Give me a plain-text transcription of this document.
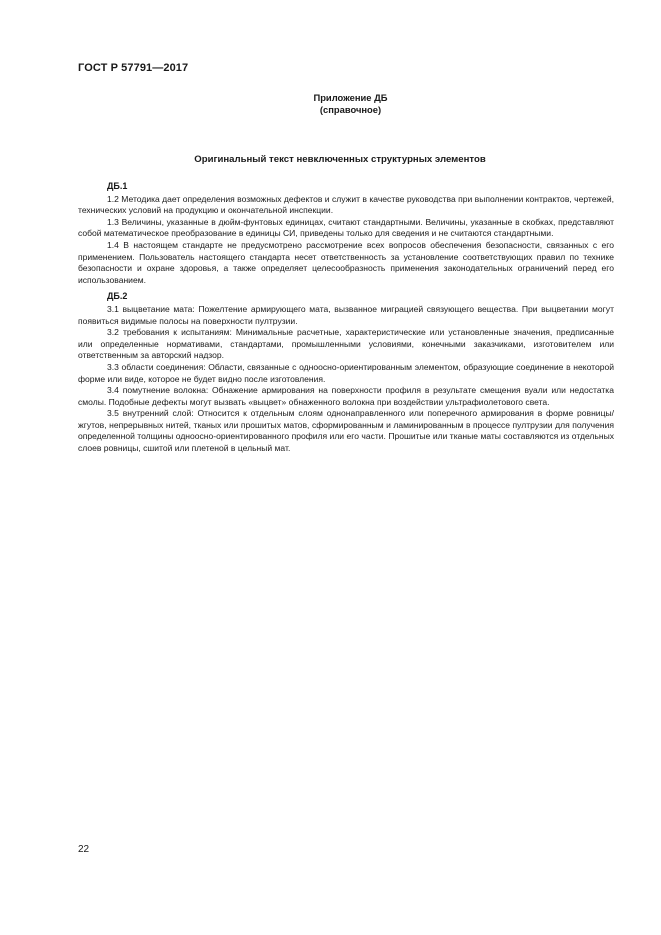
ГОСТ Р 57791—2017
Приложение ДБ
(справочное)
Оригинальный текст невключенных структурных элементов
ДБ.1

1.2 Методика дает определения возможных дефектов и служит в качестве руководства при выполнении контрактов, чертежей, технических условий на продукцию и окончательной инспекции.

1.3 Величины, указанные в дюйм-фунтовых единицах, считают стандартными. Величины, указанные в скобках, представляют собой математическое преобразование в единицы СИ, приведены только для сведения и не считаются стандартными.

1.4 В настоящем стандарте не предусмотрено рассмотрение всех вопросов обеспечения безопасности, связанных с его применением. Пользователь настоящего стандарта несет ответственность за установление соответствующих правил по технике безопасности и охране здоровья, а также определяет целесообразность применения законодательных ограничений перед его использованием.

ДБ.2

3.1 выцветание мата: Пожелтение армирующего мата, вызванное миграцией связующего вещества. При выцветании могут появиться видимые полосы на поверхности пултрузии.

3.2 требования к испытаниям: Минимальные расчетные, характеристические или установленные значения, предписанные или определенные нормативами, стандартами, промышленными условиями, конечными заказчиками, изготовителем или ответственным за авторский надзор.

3.3 области соединения: Области, связанные с одноосно-ориентированным элементом, образующие соединение в некоторой форме или виде, которое не будет видно после изготовления.

3.4 помутнение волокна: Обнажение армирования на поверхности профиля в результате смещения вуали или недостатка смолы. Подобные дефекты могут вызвать «выцвет» обнаженного волокна при воздействии ультрафиолетового света.

3.5 внутренний слой: Относится к отдельным слоям однонаправленного или поперечного армирования в форме ровницы/жгутов, непрерывных нитей, тканых или прошитых матов, сформированным и ламинированным в процессе пултрузии для получения определенной толщины одноосно-ориентированного профиля или его части. Прошитые или тканые маты составляются из отдельных слоев ровницы, сшитой или плетеной в цельный мат.

22
